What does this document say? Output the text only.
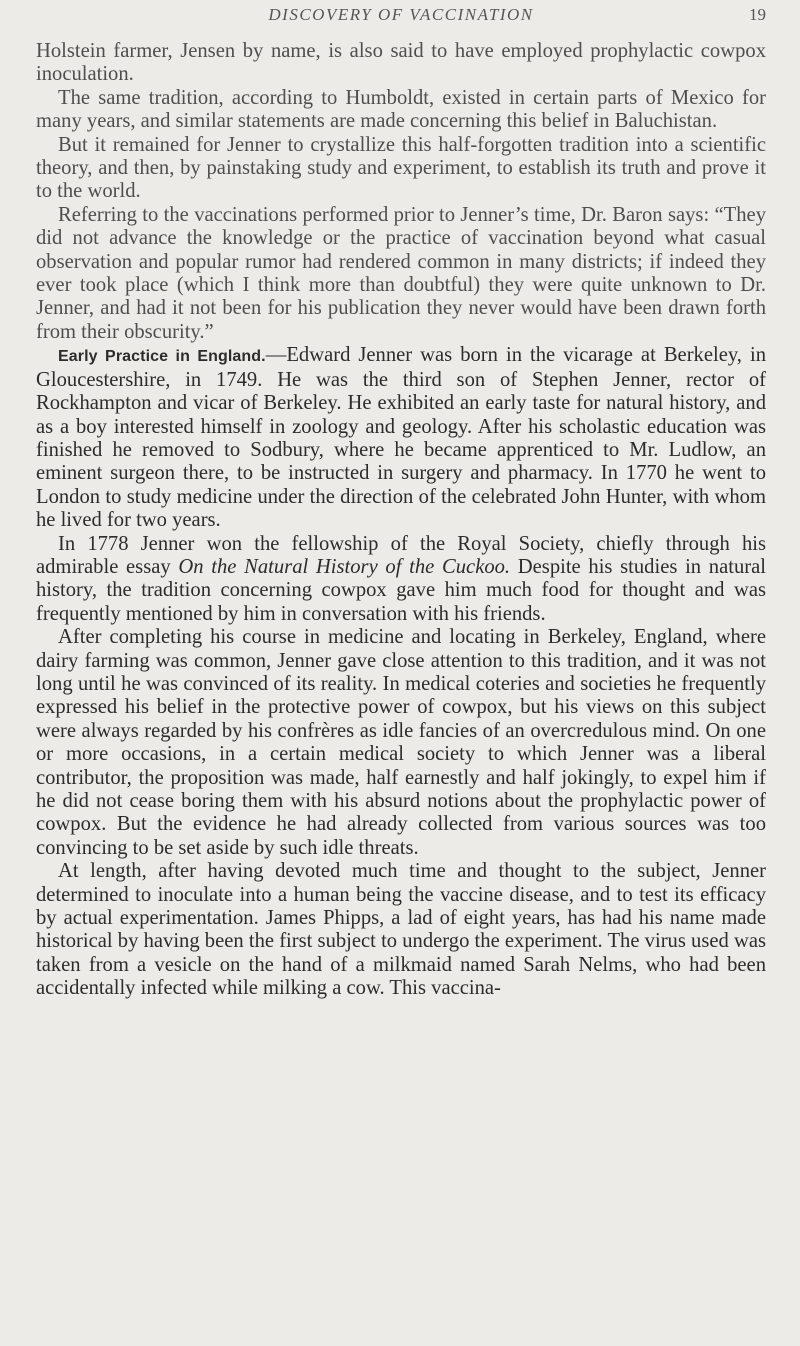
DISCOVERY OF VACCINATION	19

Holstein farmer, Jensen by name, is also said to have employed prophylactic cowpox inoculation.

The same tradition, according to Humboldt, existed in certain parts of Mexico for many years, and similar statements are made concerning this belief in Baluchistan.

But it remained for Jenner to crystallize this half-forgotten tradition into a scientific theory, and then, by painstaking study and experiment, to establish its truth and prove it to the world.

Referring to the vaccinations performed prior to Jenner’s time, Dr. Baron says: “They did not advance the knowledge or the practice of vaccination beyond what casual observation and popular rumor had rendered common in many districts; if indeed they ever took place (which I think more than doubtful) they were quite unknown to Dr. Jenner, and had it not been for his publication they never would have been drawn forth from their obscurity.”

Early Practice in England.—Edward Jenner was born in the vicarage at Berkeley, in Gloucestershire, in 1749. He was the third son of Stephen Jenner, rector of Rockhampton and vicar of Berkeley. He exhibited an early taste for natural history, and as a boy interested himself in zoology and geology. After his scholastic education was finished he removed to Sodbury, where he became apprenticed to Mr. Ludlow, an eminent surgeon there, to be instructed in surgery and pharmacy. In 1770 he went to London to study medicine under the direction of the celebrated John Hunter, with whom he lived for two years.

In 1778 Jenner won the fellowship of the Royal Society, chiefly through his admirable essay On the Natural History of the Cuckoo. Despite his studies in natural history, the tradition concerning cowpox gave him much food for thought and was frequently mentioned by him in conversation with his friends.

After completing his course in medicine and locating in Berkeley, England, where dairy farming was common, Jenner gave close attention to this tradition, and it was not long until he was convinced of its reality. In medical coteries and societies he frequently expressed his belief in the protective power of cowpox, but his views on this subject were always regarded by his confrères as idle fancies of an overcredulous mind. On one or more occasions, in a certain medical society to which Jenner was a liberal contributor, the proposition was made, half earnestly and half jokingly, to expel him if he did not cease boring them with his absurd notions about the prophylactic power of cowpox. But the evidence he had already collected from various sources was too convincing to be set aside by such idle threats.

At length, after having devoted much time and thought to the subject, Jenner determined to inoculate into a human being the vaccine disease, and to test its efficacy by actual experimentation. James Phipps, a lad of eight years, has had his name made historical by having been the first subject to undergo the experiment. The virus used was taken from a vesicle on the hand of a milkmaid named Sarah Nelms, who had been accidentally infected while milking a cow. This vaccina-
